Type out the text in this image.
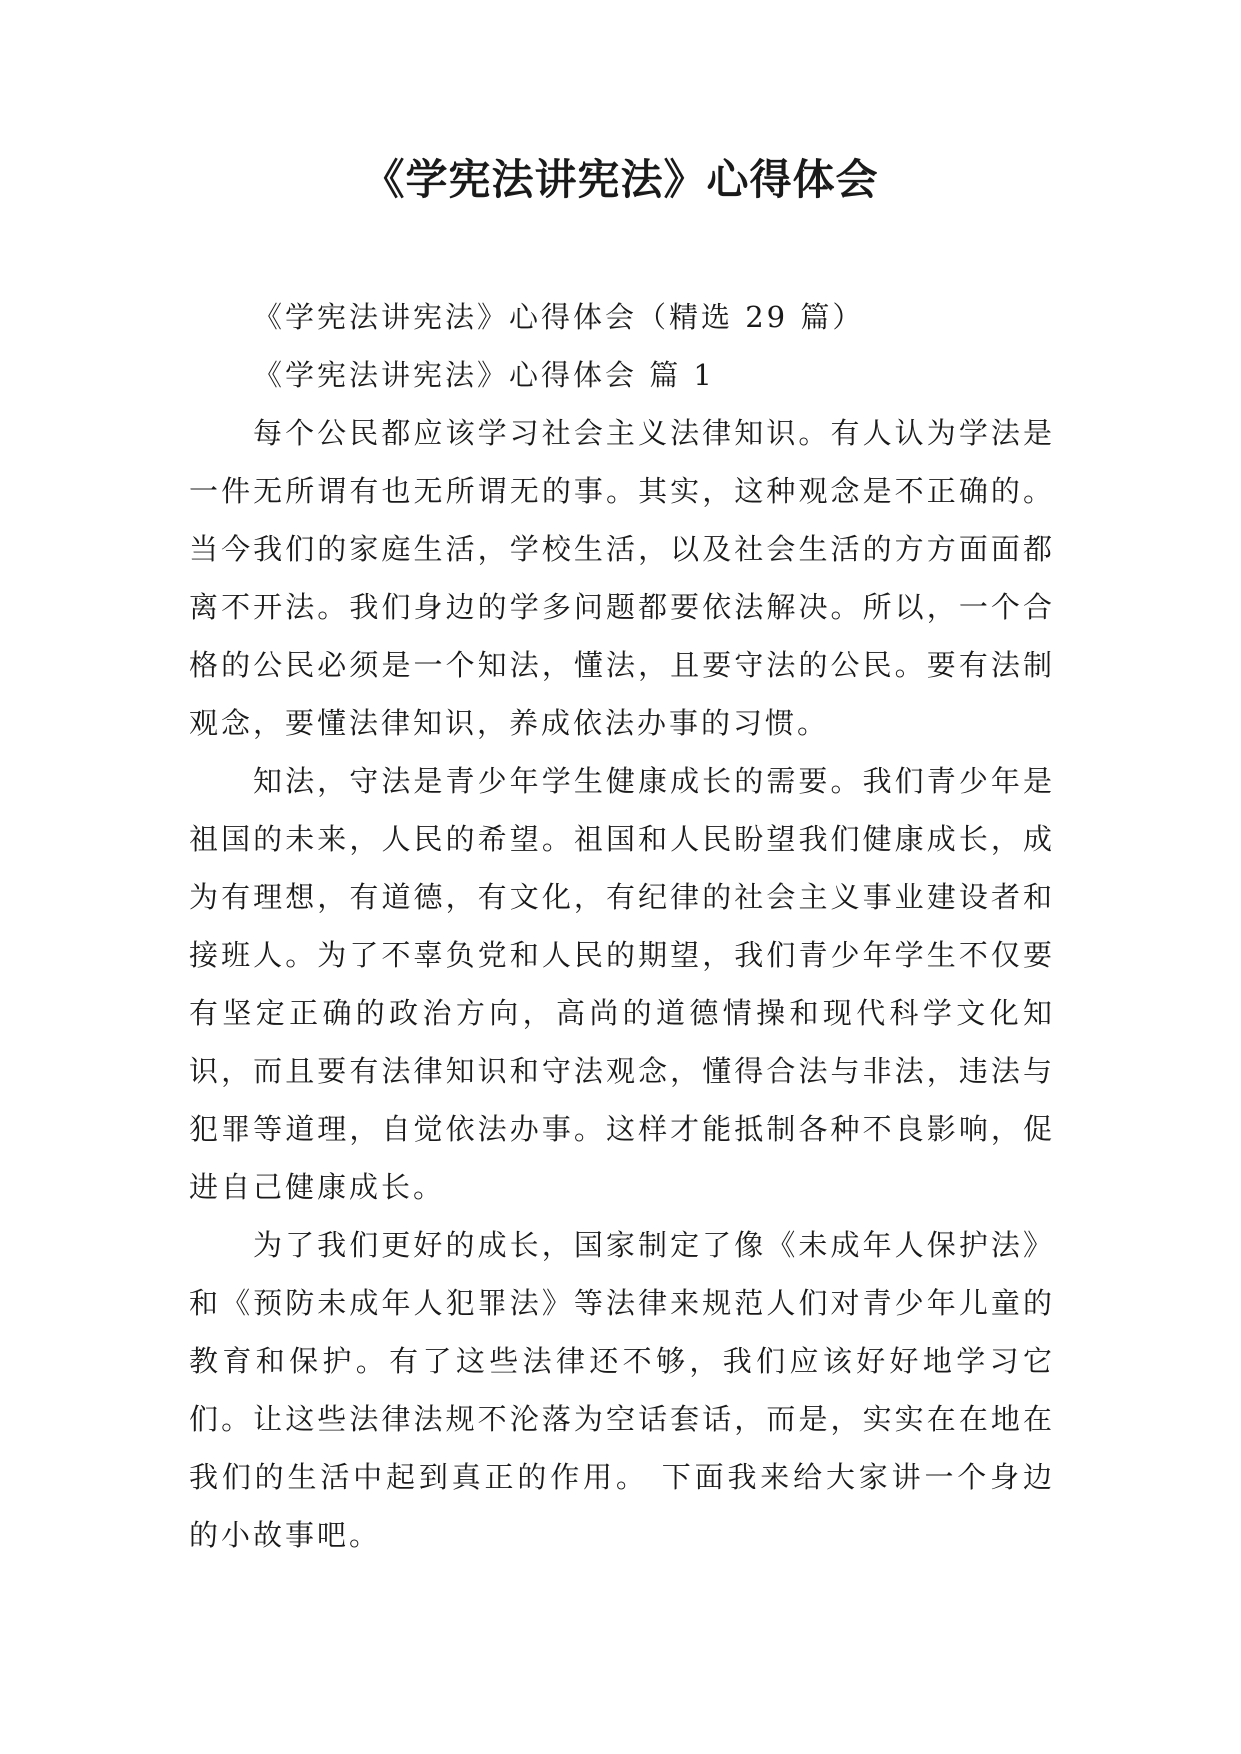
《学宪法讲宪法》心得体会

《学宪法讲宪法》心得体会（精选 29 篇）

《学宪法讲宪法》心得体会 篇 1

每个公民都应该学习社会主义法律知识。有人认为学法是一件无所谓有也无所谓无的事。其实，这种观念是不正确的。当今我们的家庭生活，学校生活，以及社会生活的方方面面都离不开法。我们身边的学多问题都要依法解决。所以，一个合格的公民必须是一个知法，懂法，且要守法的公民。要有法制观念，要懂法律知识，养成依法办事的习惯。

知法，守法是青少年学生健康成长的需要。我们青少年是祖国的未来，人民的希望。祖国和人民盼望我们健康成长，成为有理想，有道德，有文化，有纪律的社会主义事业建设者和接班人。为了不辜负党和人民的期望，我们青少年学生不仅要有坚定正确的政治方向，高尚的道德情操和现代科学文化知识，而且要有法律知识和守法观念，懂得合法与非法，违法与犯罪等道理，自觉依法办事。这样才能抵制各种不良影响，促进自己健康成长。

为了我们更好的成长，国家制定了像《未成年人保护法》和《预防未成年人犯罪法》等法律来规范人们对青少年儿童的教育和保护。有了这些法律还不够，我们应该好好地学习它们。让这些法律法规不沦落为空话套话，而是，实实在在地在我们的生活中起到真正的作用。 下面我来给大家讲一个身边的小故事吧。
